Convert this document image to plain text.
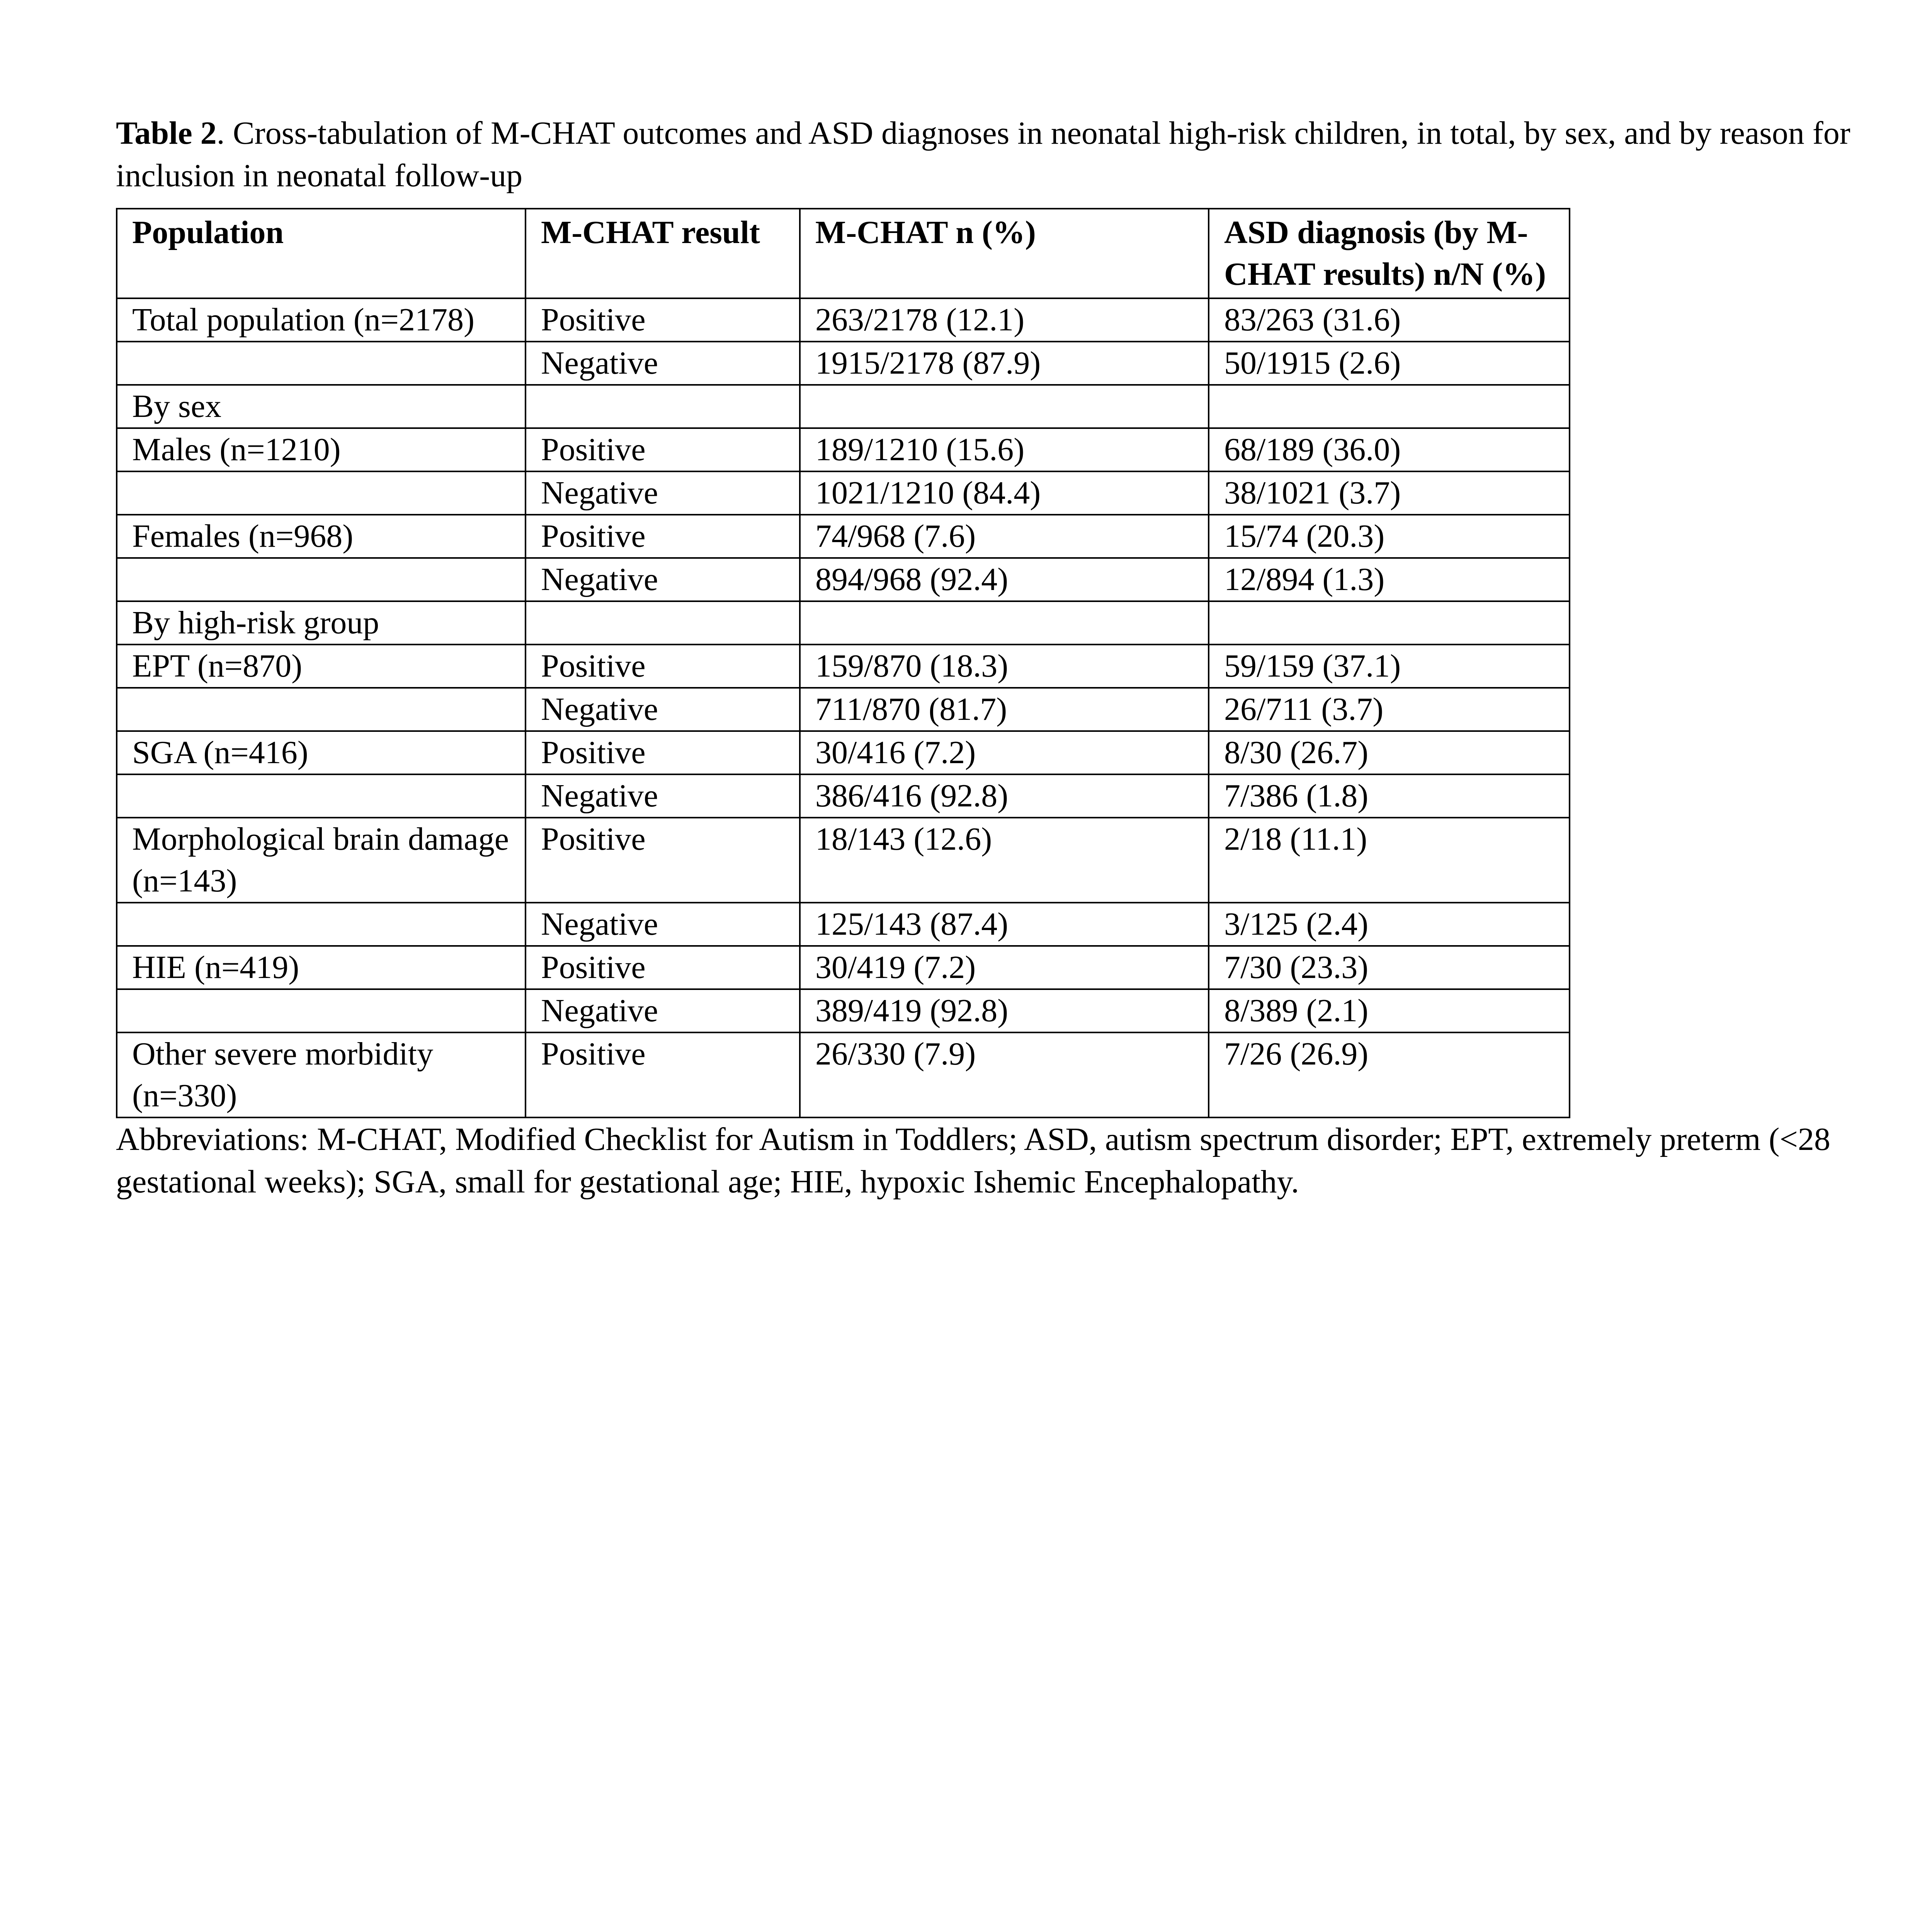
Table 2. Cross-tabulation of M-CHAT outcomes and ASD diagnoses in neonatal high-risk children, in total, by sex, and by reason for inclusion in neonatal follow-up

Population	M-CHAT result	M-CHAT n (%)	ASD diagnosis (by M-CHAT results) n/N (%)
Total population (n=2178)	Positive	263/2178 (12.1)	83/263 (31.6)
	Negative	1915/2178 (87.9)	50/1915 (2.6)
By sex			
Males (n=1210)	Positive	189/1210 (15.6)	68/189 (36.0)
	Negative	1021/1210 (84.4)	38/1021 (3.7)
Females (n=968)	Positive	74/968 (7.6)	15/74 (20.3)
	Negative	894/968 (92.4)	12/894 (1.3)
By high-risk group			
EPT (n=870)	Positive	159/870 (18.3)	59/159 (37.1)
	Negative	711/870 (81.7)	26/711 (3.7)
SGA (n=416)	Positive	30/416 (7.2)	8/30 (26.7)
	Negative	386/416 (92.8)	7/386 (1.8)
Morphological brain damage (n=143)	Positive	18/143 (12.6)	2/18 (11.1)
	Negative	125/143 (87.4)	3/125 (2.4)
HIE (n=419)	Positive	30/419 (7.2)	7/30 (23.3)
	Negative	389/419 (92.8)	8/389 (2.1)
Other severe morbidity (n=330)	Positive	26/330 (7.9)	7/26 (26.9)

Abbreviations: M-CHAT, Modified Checklist for Autism in Toddlers; ASD, autism spectrum disorder; EPT, extremely preterm (<28 gestational weeks); SGA, small for gestational age; HIE, hypoxic Ishemic Encephalopathy.
